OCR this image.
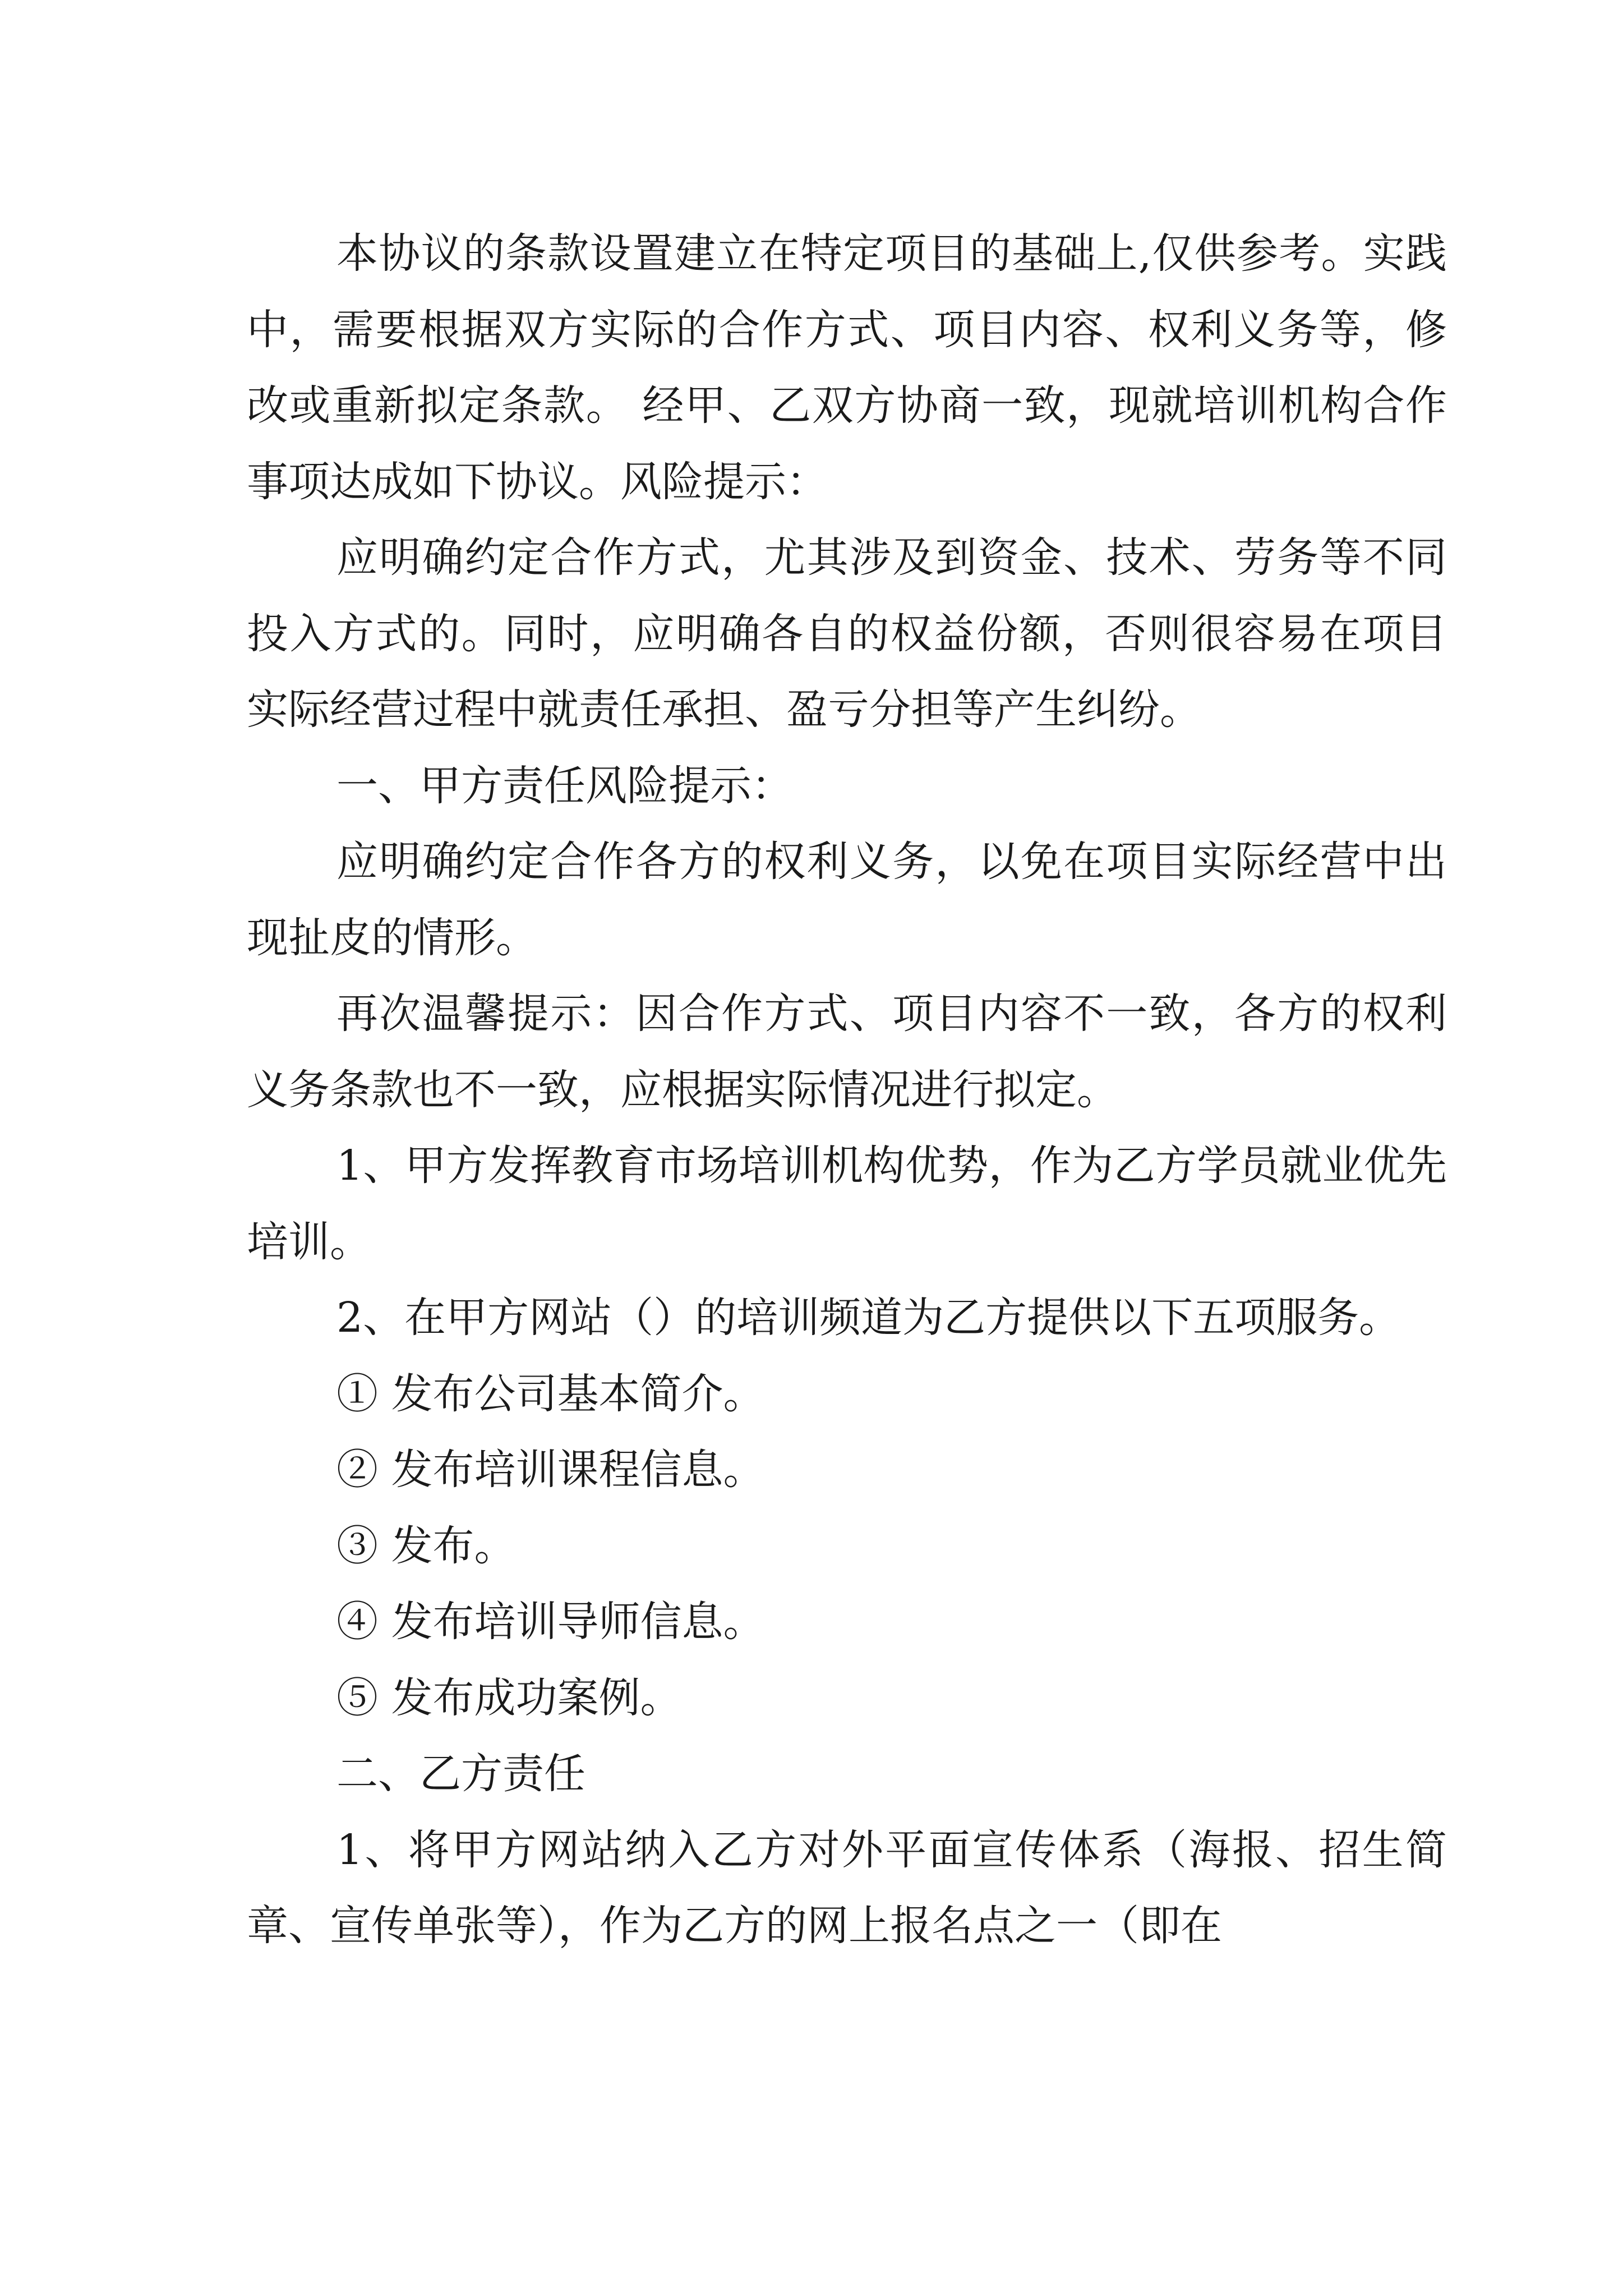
本协议的条款设置建立在特定项目的基础上,仅供参考。实践中，需要根据双方实际的合作方式、项目内容、权利义务等，修改或重新拟定条款。 经甲、乙双方协商一致，现就培训机构合作事项达成如下协议。风险提示：

应明确约定合作方式，尤其涉及到资金、技术、劳务等不同投入方式的。同时，应明确各自的权益份额，否则很容易在项目实际经营过程中就责任承担、盈亏分担等产生纠纷。

一、甲方责任风险提示：

应明确约定合作各方的权利义务，以免在项目实际经营中出现扯皮的情形。

再次温馨提示：因合作方式、项目内容不一致，各方的权利义务条款也不一致，应根据实际情况进行拟定。

1、甲方发挥教育市场培训机构优势，作为乙方学员就业优先培训。

2、在甲方网站（）的培训频道为乙方提供以下五项服务。

① 发布公司基本简介。

② 发布培训课程信息。

③ 发布。

④ 发布培训导师信息。

⑤ 发布成功案例。

二、乙方责任

1、将甲方网站纳入乙方对外平面宣传体系（海报、招生简章、宣传单张等），作为乙方的网上报名点之一（即在
